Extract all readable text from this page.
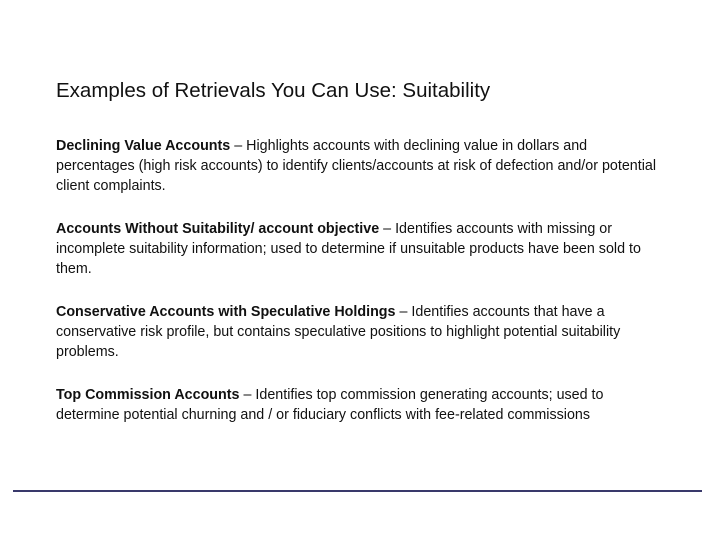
Examples of Retrievals You Can Use: Suitability

Declining Value Accounts – Highlights accounts with declining value in dollars and percentages (high risk accounts) to identify clients/accounts at risk of defection and/or potential client complaints.

Accounts Without Suitability/ account objective – Identifies accounts with missing or incomplete suitability information; used to determine if unsuitable products have been sold to them.

Conservative Accounts with Speculative Holdings – Identifies accounts that have a conservative risk profile, but contains speculative positions to highlight potential suitability problems.

Top Commission Accounts – Identifies top commission generating accounts; used to determine potential churning and / or fiduciary conflicts with fee-related commissions
